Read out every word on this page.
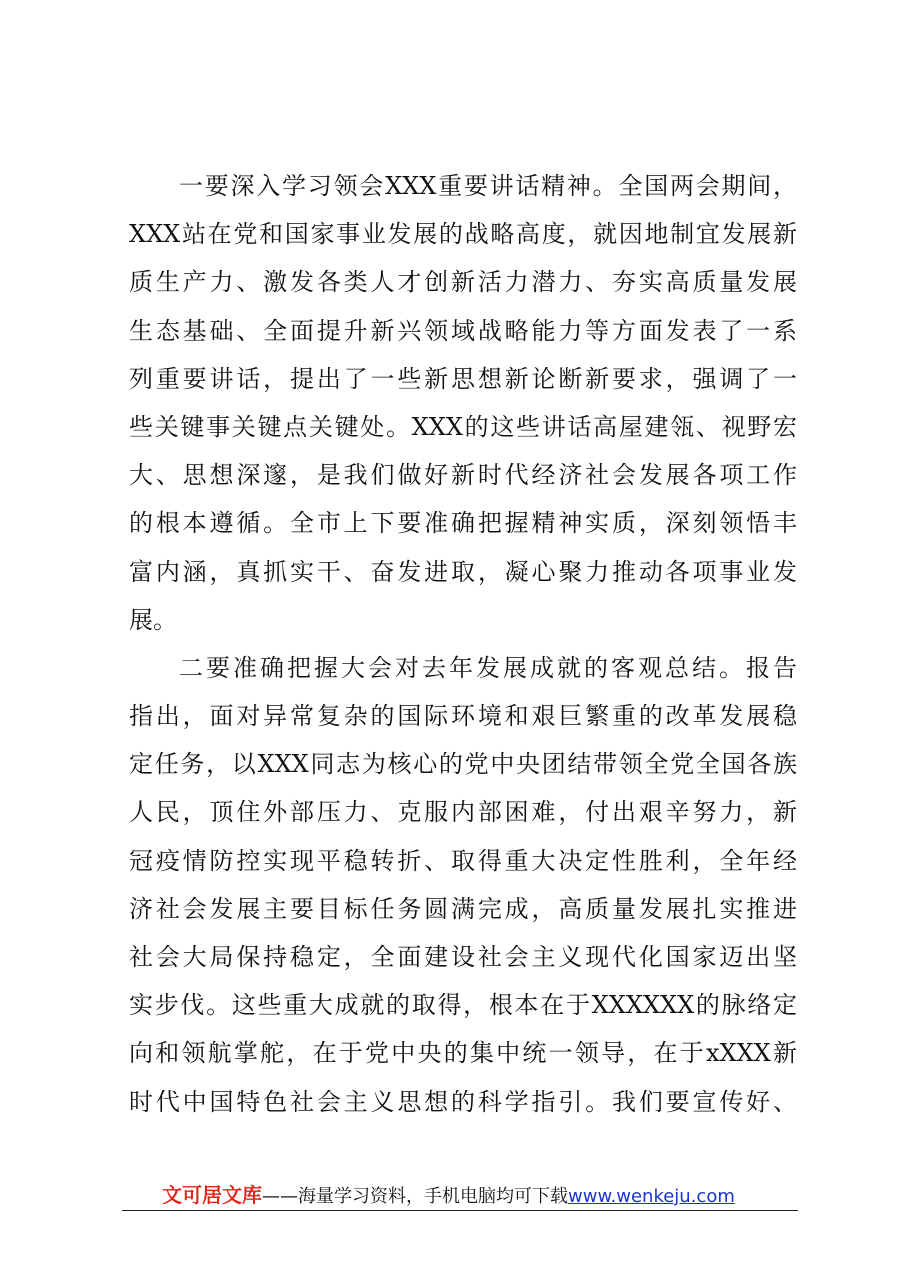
一要深入学习领会XXX重要讲话精神。全国两会期间，
XXX站在党和国家事业发展的战略高度，就因地制宜发展新
质生产力、激发各类人才创新活力潜力、夯实高质量发展
生态基础、全面提升新兴领域战略能力等方面发表了一系
列重要讲话，提出了一些新思想新论断新要求，强调了一
些关键事关键点关键处。XXX的这些讲话高屋建瓴、视野宏
大、思想深邃，是我们做好新时代经济社会发展各项工作
的根本遵循。全市上下要准确把握精神实质，深刻领悟丰
富内涵，真抓实干、奋发进取，凝心聚力推动各项事业发
展。
二要准确把握大会对去年发展成就的客观总结。报告
指出，面对异常复杂的国际环境和艰巨繁重的改革发展稳
定任务，以XXX同志为核心的党中央团结带领全党全国各族
人民，顶住外部压力、克服内部困难，付出艰辛努力，新
冠疫情防控实现平稳转折、取得重大决定性胜利，全年经
济社会发展主要目标任务圆满完成，高质量发展扎实推进
社会大局保持稳定，全面建设社会主义现代化国家迈出坚
实步伐。这些重大成就的取得，根本在于XXXXXX的脉络定
向和领航掌舵，在于党中央的集中统一领导，在于xXXX新
时代中国特色社会主义思想的科学指引。我们要宣传好、
文可居文库——海量学习资料，手机电脑均可下载www.wenkeju.com
